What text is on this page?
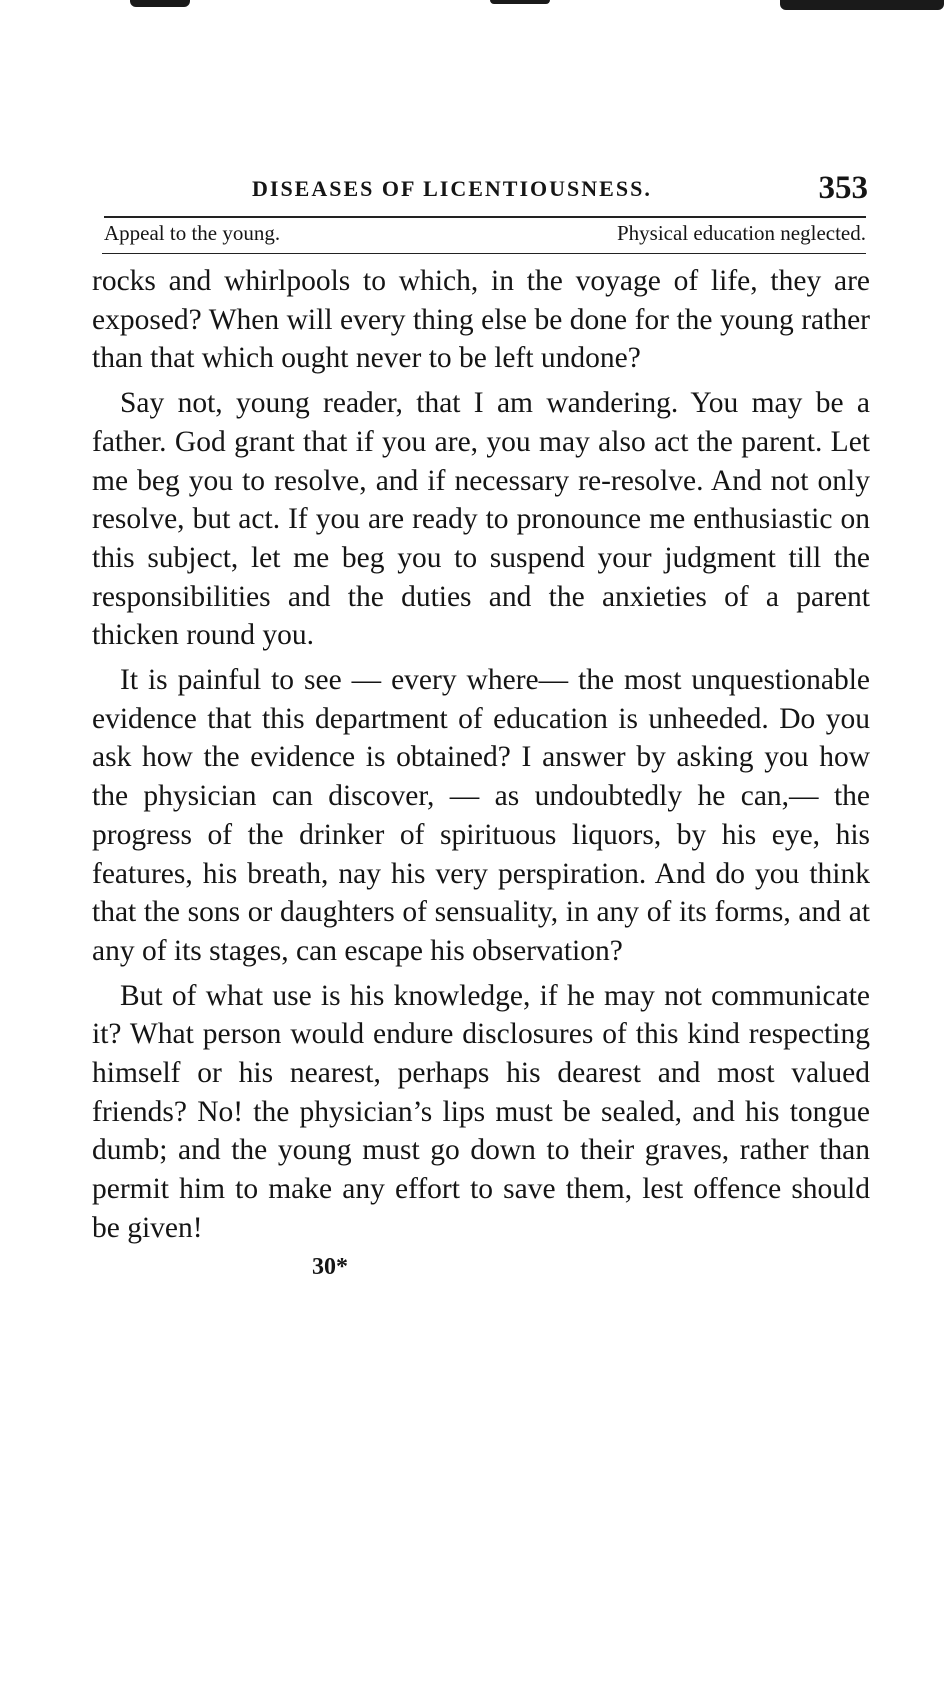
DISEASES OF LICENTIOUSNESS.	353
Appeal to the young.	Physical education neglected.

rocks and whirlpools to which, in the voyage of life, they are exposed? When will every thing else be done for the young rather than that which ought never to be left undone?

Say not, young reader, that I am wandering. You may be a father. God grant that if you are, you may also act the parent. Let me beg you to resolve, and if necessary re-resolve. And not only resolve, but act. If you are ready to pronounce me enthusiastic on this subject, let me beg you to suspend your judgment till the responsibilities and the duties and the anxieties of a parent thicken round you.

It is painful to see — every where— the most unquestionable evidence that this department of education is unheeded. Do you ask how the evidence is obtained? I answer by asking you how the physician can discover, — as undoubtedly he can,— the progress of the drinker of spirituous liquors, by his eye, his features, his breath, nay his very perspiration. And do you think that the sons or daughters of sensuality, in any of its forms, and at any of its stages, can escape his observation?

But of what use is his knowledge, if he may not communicate it? What person would endure disclosures of this kind respecting himself or his nearest, perhaps his dearest and most valued friends? No! the physician’s lips must be sealed, and his tongue dumb; and the young must go down to their graves, rather than permit him to make any effort to save them, lest offence should be given!

30*
